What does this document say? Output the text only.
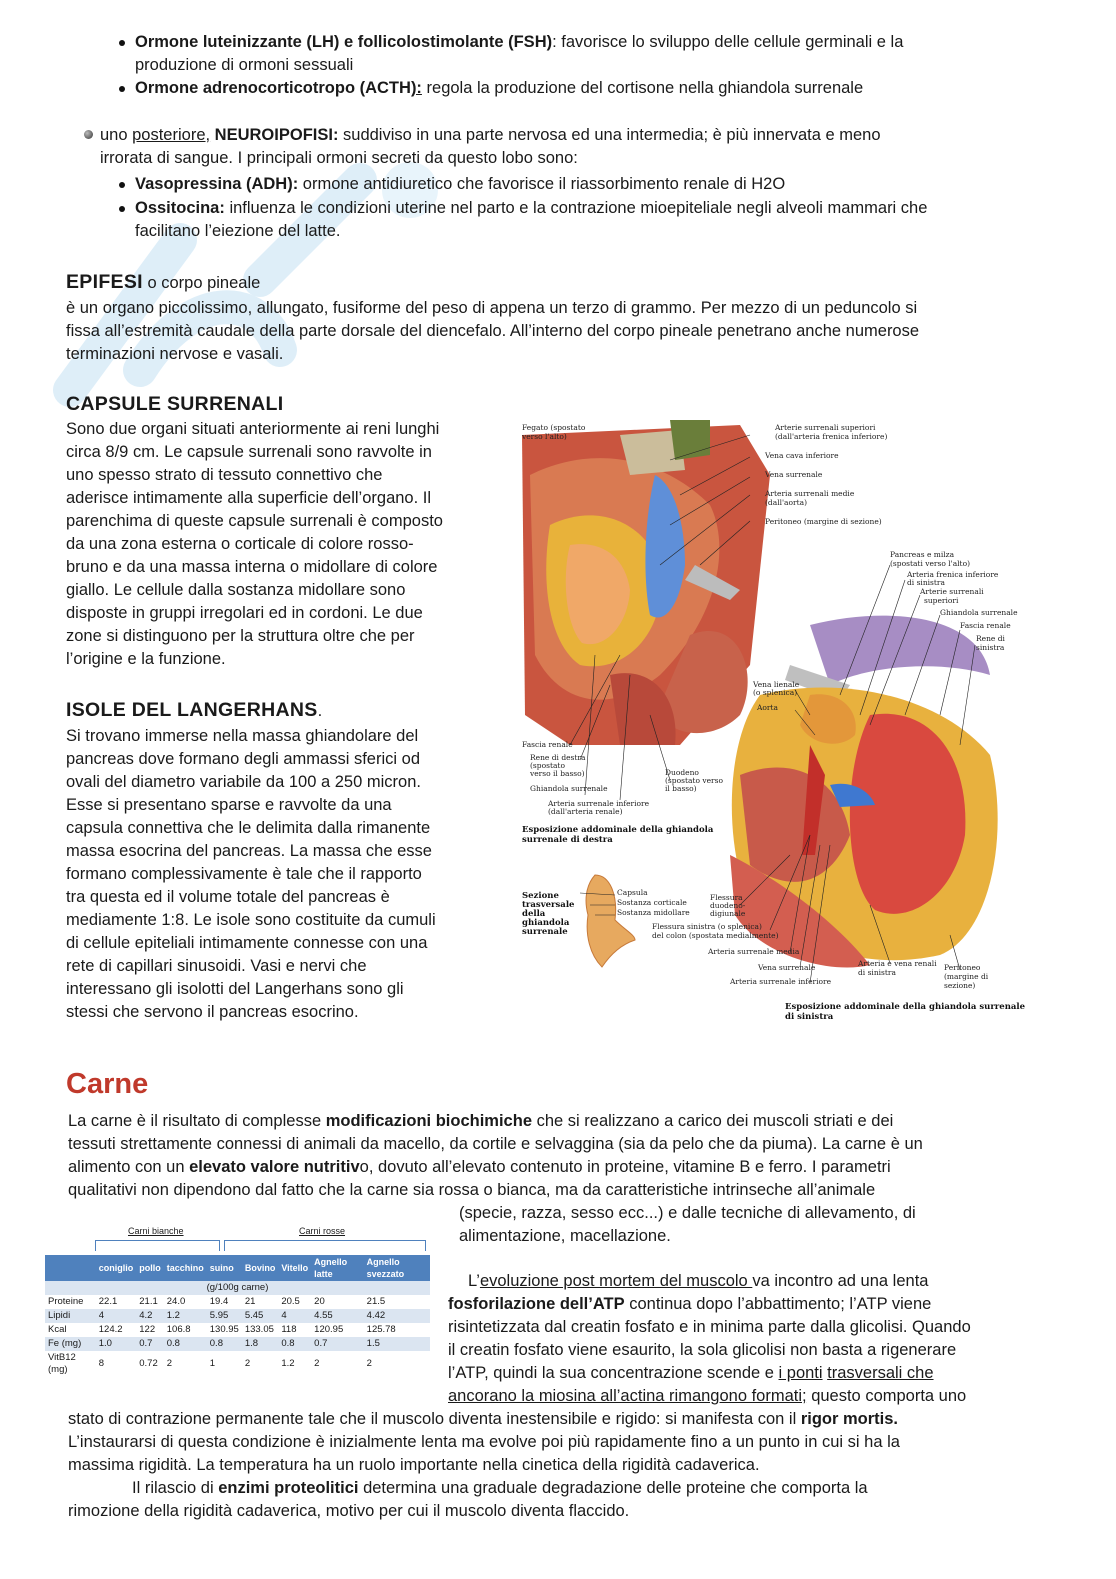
Ormone luteinizzante (LH) e follicolostimolante (FSH): favorisce lo sviluppo delle cellule germinali e la
produzione di ormoni sessuali
Ormone adrenocorticotropo (ACTH): regola la produzione del cortisone nella ghiandola surrenale
uno posteriore, NEUROIPOFISI: suddiviso in una parte nervosa ed una intermedia; è più innervata e meno
irrorata di sangue. I principali ormoni secreti da questo lobo sono:
Vasopressina (ADH): ormone antidiuretico che favorisce il riassorbimento renale di H2O
Ossitocina: influenza le condizioni uterine nel parto e la contrazione mioepiteliale negli alveoli mammari che
facilitano l’eiezione del latte.
EPIFESI o corpo pineale
è un organo piccolissimo, allungato, fusiforme del peso di appena un terzo di grammo. Per mezzo di un peduncolo si
fissa all’estremità caudale della parte dorsale del diencefalo. All’interno del corpo pineale penetrano anche numerose
terminazioni nervose e vasali.
CAPSULE SURRENALI
Sono due organi situati anteriormente ai reni lunghi
circa 8/9 cm. Le capsule surrenali sono ravvolte in
uno spesso strato di tessuto connettivo che
aderisce intimamente alla superficie dell’organo. Il
parenchima di queste capsule surrenali è composto
da una zona esterna o corticale di colore rosso-
bruno e da una massa interna o midollare di colore
giallo. Le cellule dalla sostanza midollare sono
disposte in gruppi irregolari ed in cordoni. Le due
zone si distinguono per la struttura oltre che per
l’origine e la funzione.
ISOLE DEL LANGERHANS.
Si trovano immerse nella massa ghiandolare del
pancreas dove formano degli ammassi sferici od
ovali del diametro variabile da 100 a 250 micron.
Esse si presentano sparse e ravvolte da una
capsula connettiva che le delimita dalla rimanente
massa esocrina del pancreas. La massa che esse
formano complessivamente è tale che il rapporto
tra questa ed il volume totale del pancreas è
mediamente 1:8. Le isole sono costituite da cumuli
di cellule epiteliali intimamente connesse con una
rete di capillari sinusoidi. Vasi e nervi che
interessano gli isolotti del Langerhans sono gli
stessi che servono il pancreas esocrino.
Fegato (spostato
verso l'alto)
Arterie surrenali superiori
(dall'arteria frenica inferiore)
Vena cava inferiore
Vena surrenale
Arteria surrenali medie
(dall'aorta)
Peritoneo (margine di sezione)
Pancreas e milza
(spostati verso l'alto)
Arteria frenica inferiore
di sinistra
Arterie surrenali
superiori
Ghiandola surrenale
Fascia renale
Rene di
sinistra
Vena lienale
(o splenica)
Aorta
Fascia renale
Rene di destra
(spostato
verso il basso)
Ghiandola surrenale
Arteria surrenale inferiore
(dall'arteria renale)
Duodeno
(spostato verso
il basso)
Esposizione addominale della ghiandola
surrenale di destra
Sezione
trasversale
della
ghiandola
surrenale
Capsula
Sostanza corticale
Sostanza midollare
Flessura
duodeno-
digiunale
Flessura sinistra (o splenica)
del colon (spostata medialmente)
Arteria surrenale media
Vena surrenale
Arteria surrenale inferiore
Arteria e vena renali
di sinistra
Peritoneo
(margine di
sezione)
Esposizione addominale della ghiandola surrenale
di sinistra
Carne
La carne è il risultato di complesse modificazioni biochimiche che si realizzano a carico dei muscoli striati e dei
tessuti strettamente connessi di animali da macello, da cortile e selvaggina (sia da pelo che da piuma). La carne è un
alimento con un elevato valore nutritivo, dovuto all’elevato contenuto in proteine, vitamine B e ferro. I parametri
qualitativi non dipendono dal fatto che la carne sia rossa o bianca, ma da caratteristiche intrinseche all’animale
(specie, razza, sesso ecc...) e dalle tecniche di allevamento, di
alimentazione, macellazione.
L’evoluzione post mortem del muscolo va incontro ad una lenta
fosforilazione dell’ATP continua dopo l’abbattimento; l’ATP viene
risintetizzata dal creatin fosfato e in minima parte dalla glicolisi. Quando
il creatin fosfato viene esaurito, la sola glicolisi non basta a rigenerare
l’ATP, quindi la sua concentrazione scende e i ponti trasversali che
ancorano la miosina all’actina rimangono formati; questo comporta uno
stato di contrazione permanente tale che il muscolo diventa inestensibile e rigido: si manifesta con il rigor mortis.
L’instaurarsi di questa condizione è inizialmente lenta ma evolve poi più rapidamente fino a un punto in cui si ha la
massima rigidità. La temperatura ha un ruolo importante nella cinetica della rigidità cadaverica.
Il rilascio di enzimi proteolitici determina una graduale degradazione delle proteine che comporta la
rimozione della rigidità cadaverica, motivo per cui il muscolo diventa flaccido.
Carni bianche	Carni rosse
	coniglio	pollo	tacchino	suino	Bovino	Vitello	Agnello latte	Agnello svezzato
(g/100g carne)								
Proteine	22.1	21.1	24.0	19.4	21	20.5	20	21.5
Lipidi	4	4.2	1.2	5.95	5.45	4	4.55	4.42
Kcal	124.2	122	106.8	130.95	133.05	118	120.95	125.78
Fe (mg)	1.0	0.7	0.8	0.8	1.8	0.8	0.7	1.5
VitB12 (mg)	8	0.72	2	1	2	1.2	2	2
